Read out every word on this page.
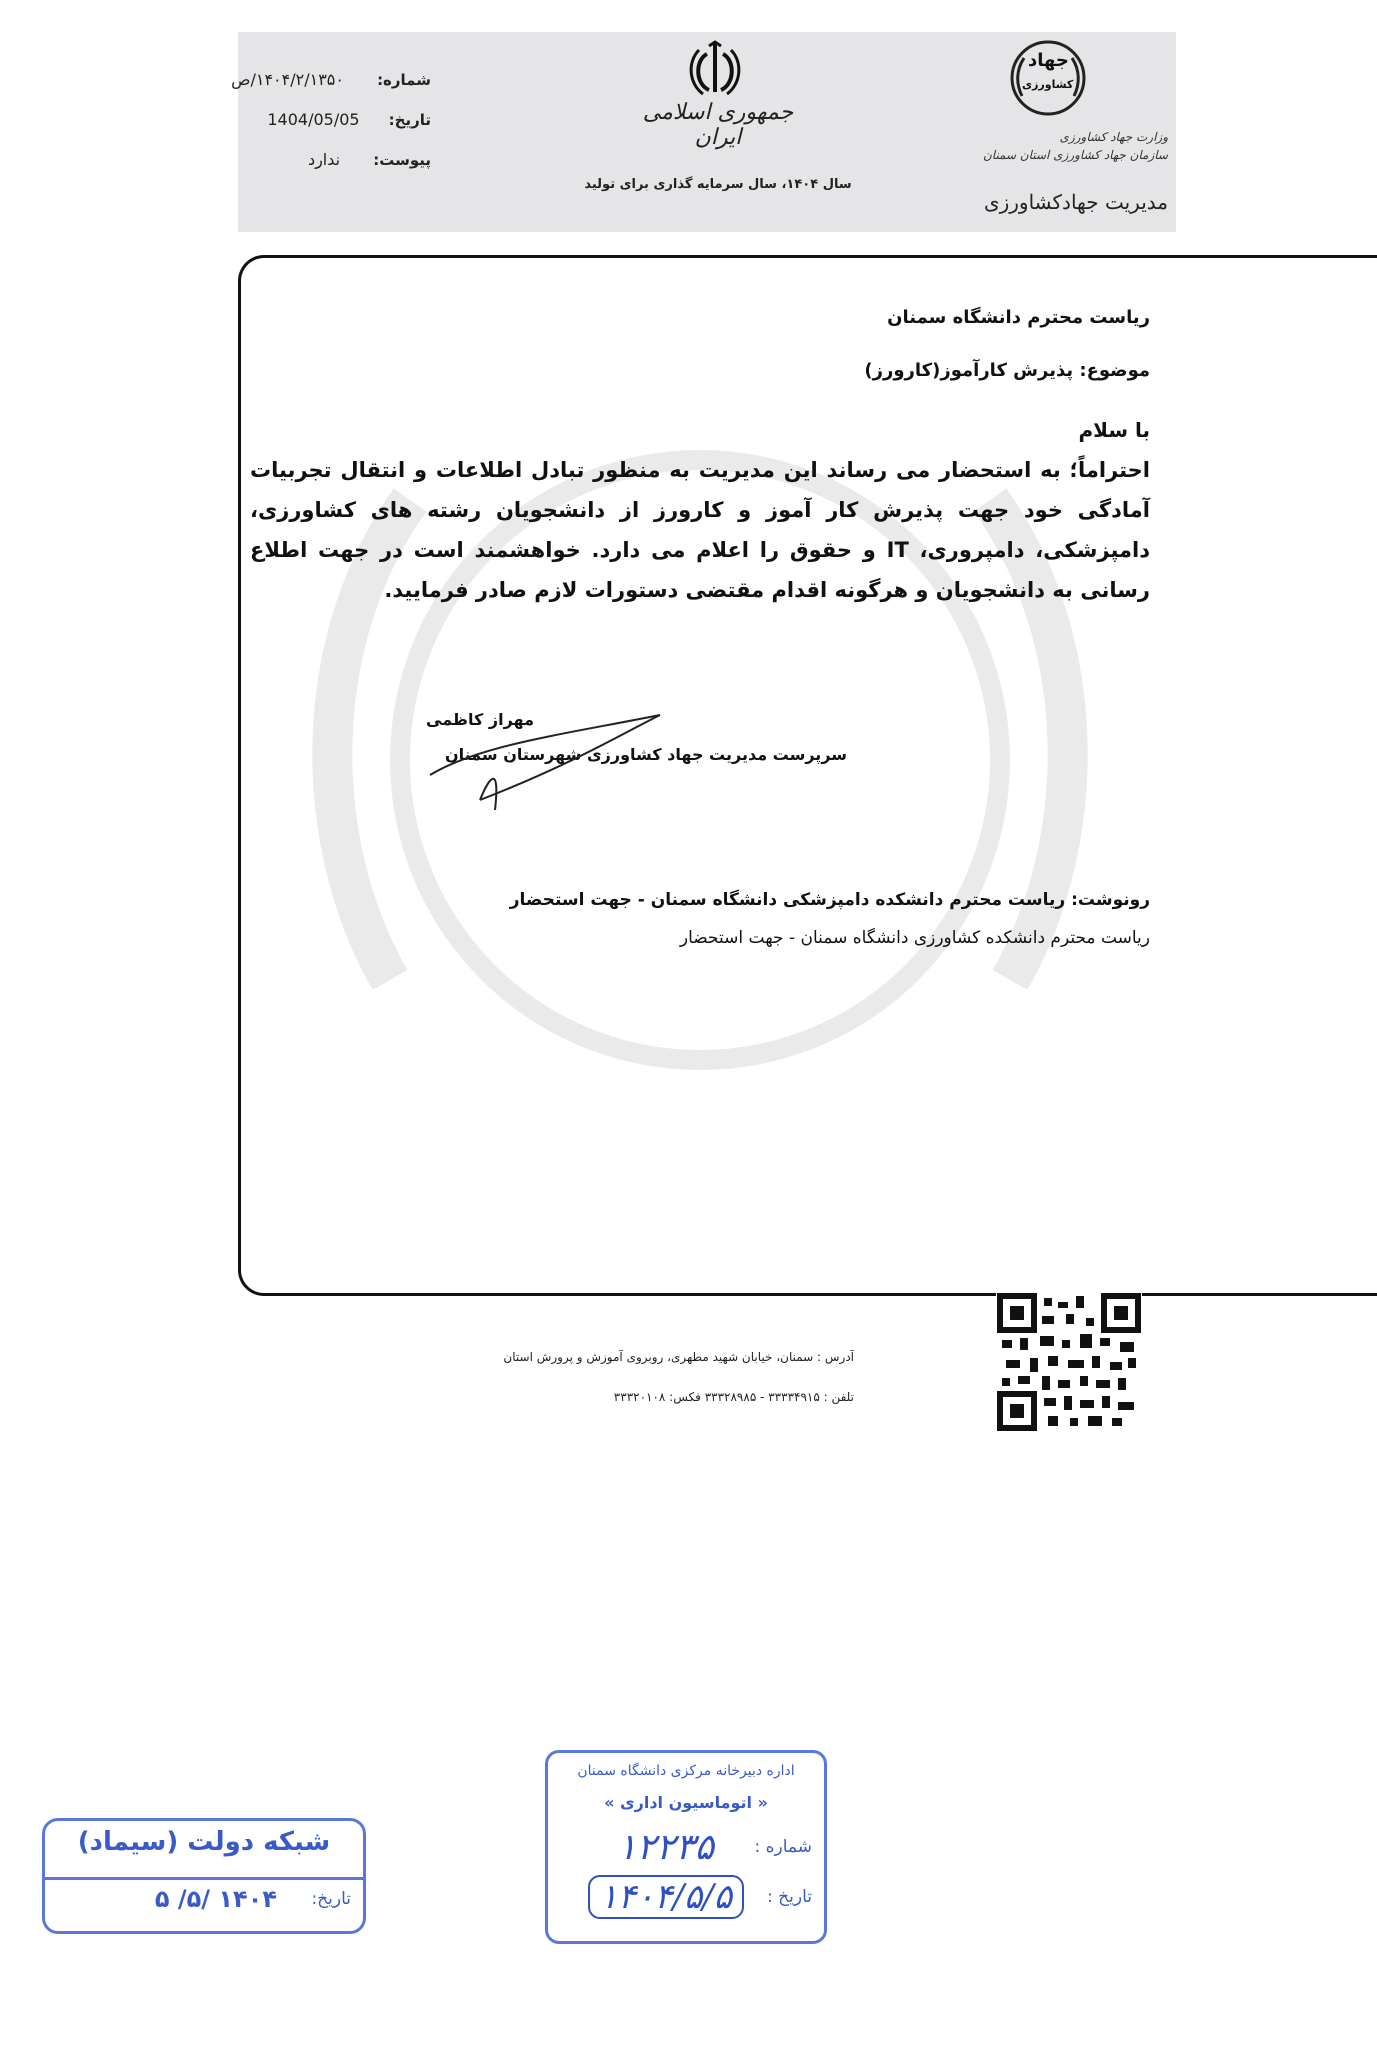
شماره: ۱۴۰۴/۲/۱۳۵۰/ص
تاریخ: 1404/05/05
پیوست: ندارد
جمهوری اسلامی ایران
سال ۱۴۰۴، سال سرمایه گذاری برای تولید
جهاد
کشاورزی
وزارت جهاد کشاورزی
سازمان جهاد کشاورزی استان سمنان
مدیریت جهادکشاورزی
ریاست محترم دانشگاه سمنان
موضوع: پذیرش کارآموز(کارورز)
با سلام
احتراماً؛ به استحضار می رساند این مدیریت به منظور تبادل اطلاعات و انتقال تجربیات آمادگی خود جهت پذیرش کار آموز و کارورز از دانشجویان رشته های کشاورزی، دامپزشکی، دامپروری، IT و حقوق را اعلام می دارد. خواهشمند است در جهت اطلاع رسانی به دانشجویان و هرگونه اقدام مقتضی دستورات لازم صادر فرمایید.
مهراز کاظمی
سرپرست مدیریت جهاد کشاورزی شهرستان سمنان
رونوشت: ریاست محترم دانشکده دامپزشکی دانشگاه سمنان - جهت استحضار
ریاست محترم دانشکده کشاورزی دانشگاه سمنان - جهت استحضار
آدرس : سمنان، خیابان شهید مطهری، روبروی آموزش و پرورش استان
تلفن : ۳۳۳۳۴۹۱۵ - ۳۳۳۲۸۹۸۵ فکس: ۳۳۳۲۰۱۰۸
اداره دبیرخانه مرکزی دانشگاه سمنان
« اتوماسیون اداری »
شماره :
۱۲۲۳۵
تاریخ :
۱۴۰۴/۵/۵
شبکه دولت (سیماد)
تاریخ:
۱۴۰۴ /۵/ ۵
